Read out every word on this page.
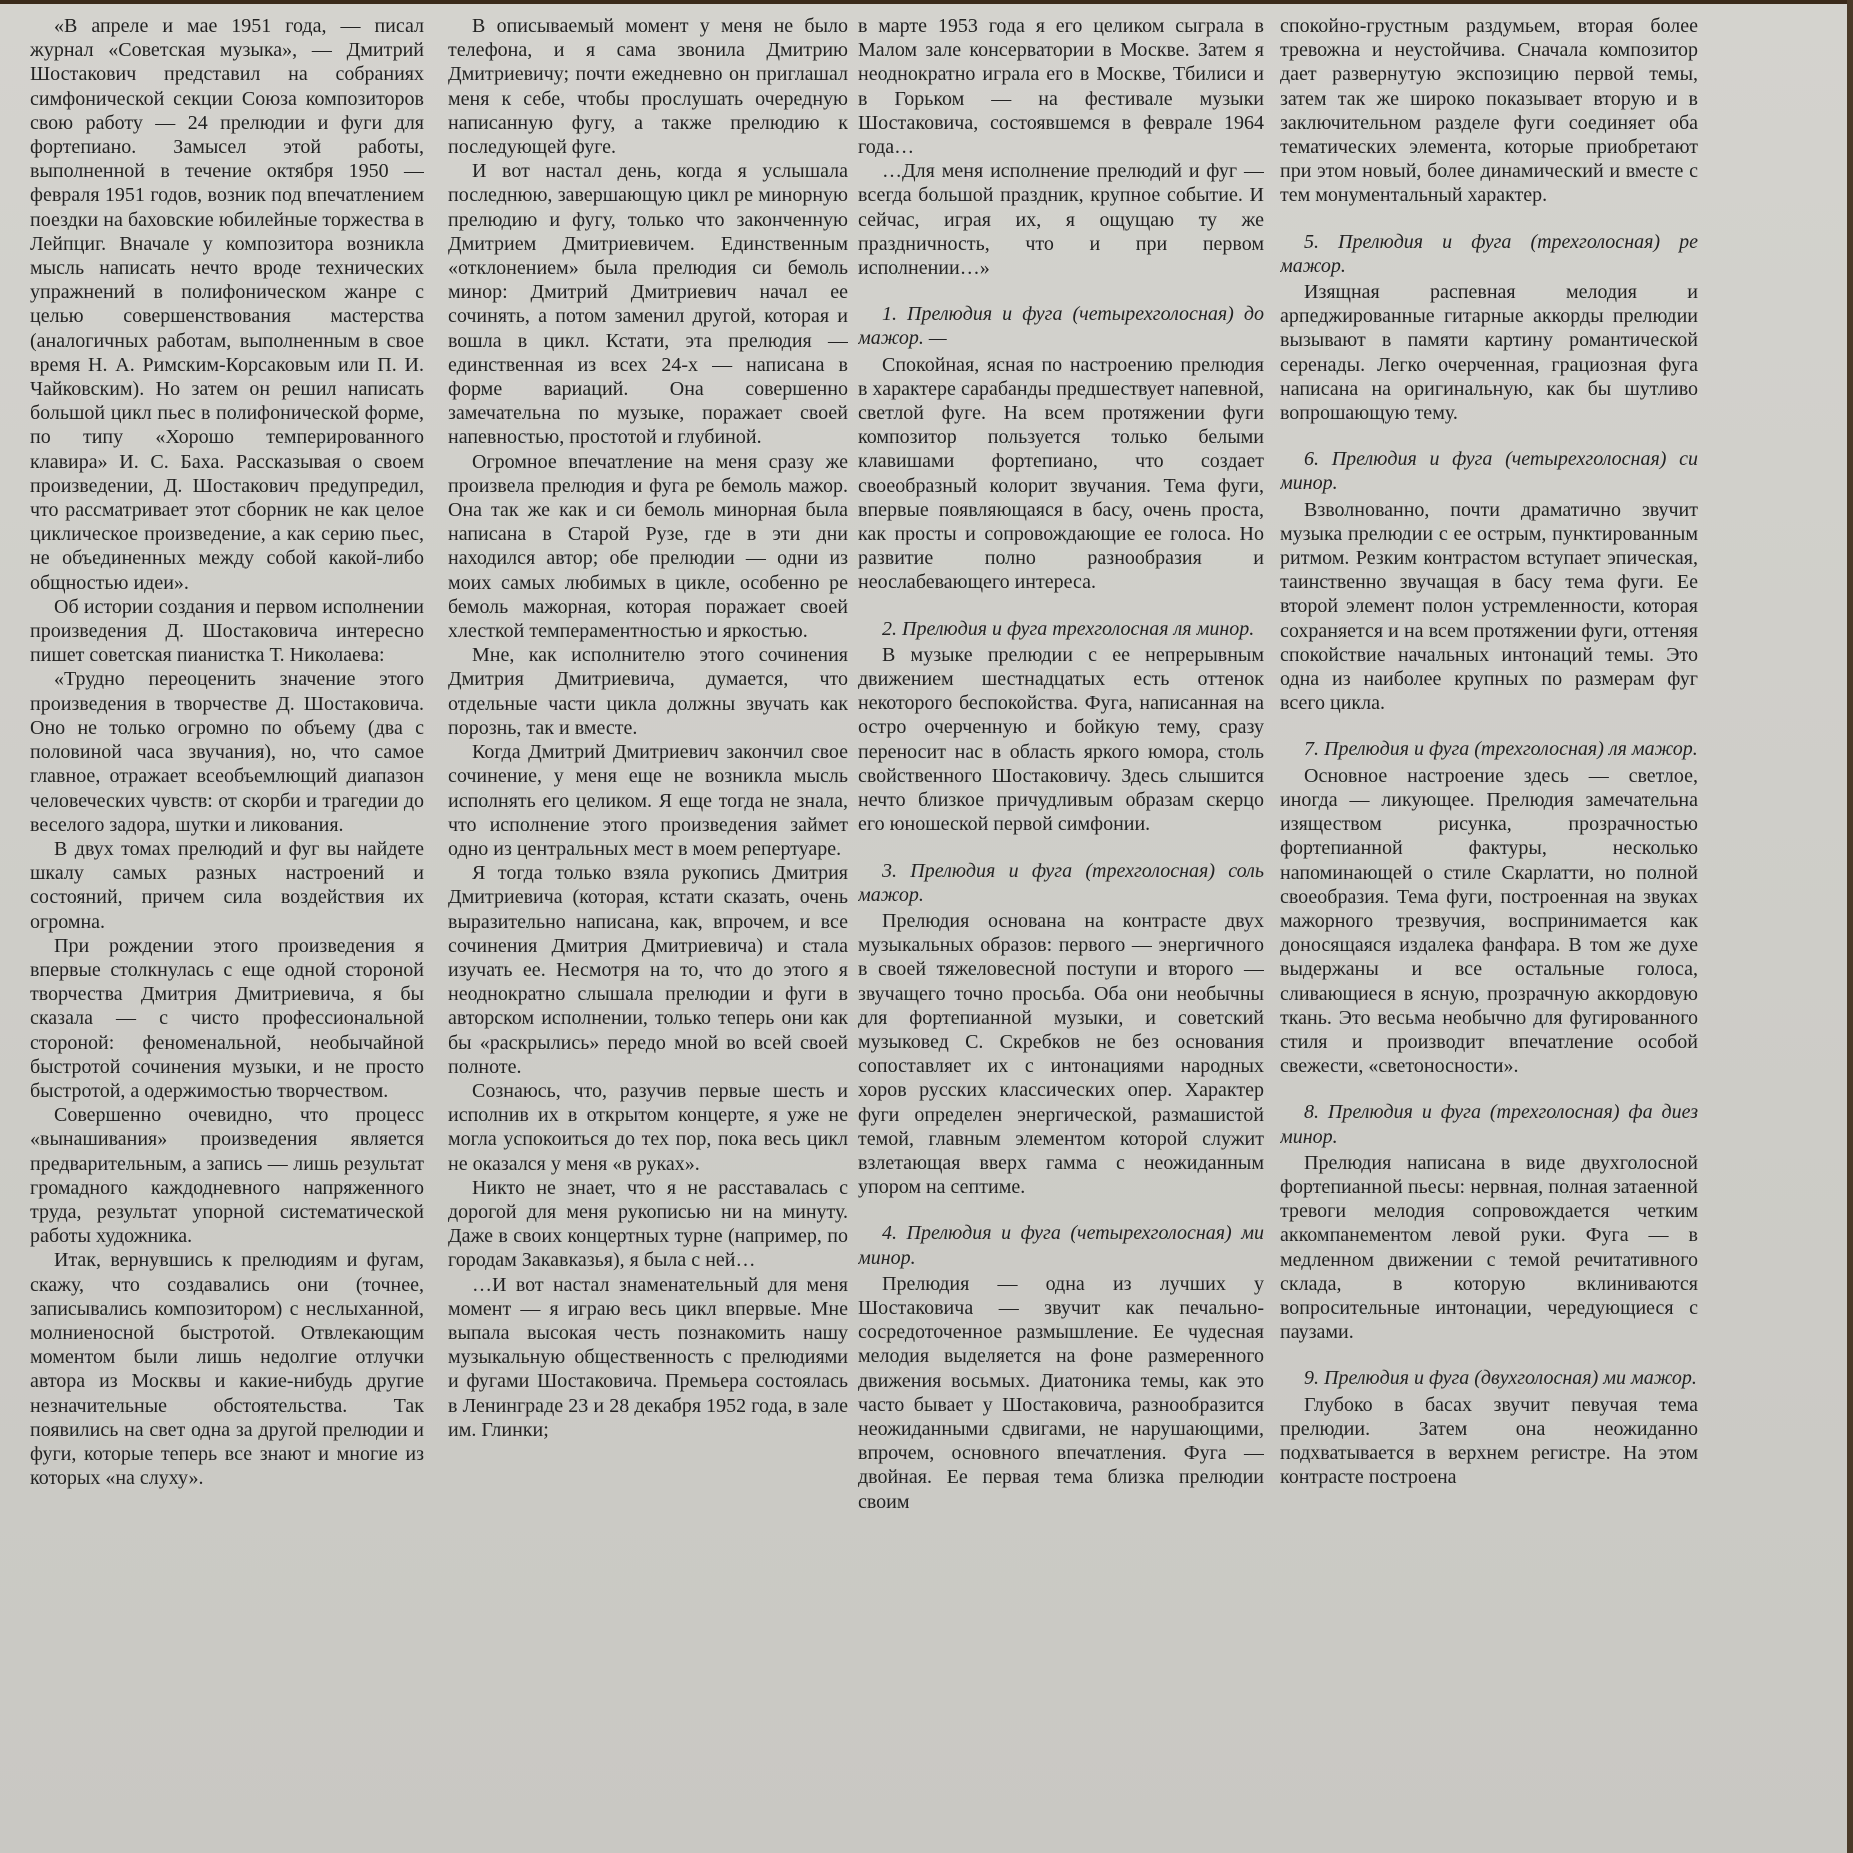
«В апреле и мае 1951 года, — писал журнал «Советская музыка», — Дмитрий Шостакович представил на собраниях симфонической секции Союза композиторов свою работу — 24 прелюдии и фуги для фортепиано. Замысел этой работы, выполненной в течение октября 1950 — февраля 1951 годов, возник под впечатлением поездки на баховские юбилейные торжества в Лейпциг. Вначале у композитора возникла мысль написать нечто вроде технических упражнений в полифоническом жанре с целью совершенствования мастерства (аналогичных работам, выполненным в свое время Н. А. Римским-Корсаковым или П. И. Чайковским). Но затем он решил написать большой цикл пьес в полифонической форме, по типу «Хорошо темперированного клавира» И. С. Баха. Рассказывая о своем произведении, Д. Шостакович предупредил, что рассматривает этот сборник не как целое циклическое произведение, а как серию пьес, не объединенных между собой какой-либо общностью идеи».

Об истории создания и первом исполнении произведения Д. Шостаковича интересно пишет советская пианистка Т. Николаева:

«Трудно переоценить значение этого произведения в творчестве Д. Шостаковича. Оно не только огромно по объему (два с половиной часа звучания), но, что самое главное, отражает всеобъемлющий диапазон человеческих чувств: от скорби и трагедии до веселого задора, шутки и ликования.

В двух томах прелюдий и фуг вы найдете шкалу самых разных настроений и состояний, причем сила воздействия их огромна.

При рождении этого произведения я впервые столкнулась с еще одной стороной творчества Дмитрия Дмитриевича, я бы сказала — с чисто профессиональной стороной: феноменальной, необычайной быстротой сочинения музыки, и не просто быстротой, а одержимостью творчеством.

Совершенно очевидно, что процесс «вынашивания» произведения является предварительным, а запись — лишь результат громадного каждодневного напряженного труда, результат упорной систематической работы художника.

Итак, вернувшись к прелюдиям и фугам, скажу, что создавались они (точнее, записывались композитором) с неслыханной, молниеносной быстротой. Отвлекающим моментом были лишь недолгие отлучки автора из Москвы и какие-нибудь другие незначительные обстоятельства. Так появились на свет одна за другой прелюдии и фуги, которые теперь все знают и многие из которых «на слуху».

В описываемый момент у меня не было телефона, и я сама звонила Дмитрию Дмитриевичу; почти ежедневно он приглашал меня к себе, чтобы прослушать очередную написанную фугу, а также прелюдию к последующей фуге.

И вот настал день, когда я услышала последнюю, завершающую цикл ре минорную прелюдию и фугу, только что законченную Дмитрием Дмитриевичем. Единственным «отклонением» была прелюдия си бемоль минор: Дмитрий Дмитриевич начал ее сочинять, а потом заменил другой, которая и вошла в цикл. Кстати, эта прелюдия — единственная из всех 24-х — написана в форме вариаций. Она совершенно замечательна по музыке, поражает своей напевностью, простотой и глубиной.

Огромное впечатление на меня сразу же произвела прелюдия и фуга ре бемоль мажор. Она так же как и си бемоль минорная была написана в Старой Рузе, где в эти дни находился автор; обе прелюдии — одни из моих самых любимых в цикле, особенно ре бемоль мажорная, которая поражает своей хлесткой темпераментностью и яркостью.

Мне, как исполнителю этого сочинения Дмитрия Дмитриевича, думается, что отдельные части цикла должны звучать как порознь, так и вместе.

Когда Дмитрий Дмитриевич закончил свое сочинение, у меня еще не возникла мысль исполнять его целиком. Я еще тогда не знала, что исполнение этого произведения займет одно из центральных мест в моем репертуаре.

Я тогда только взяла рукопись Дмитрия Дмитриевича (которая, кстати сказать, очень выразительно написана, как, впрочем, и все сочинения Дмитрия Дмитриевича) и стала изучать ее. Несмотря на то, что до этого я неоднократно слышала прелюдии и фуги в авторском исполнении, только теперь они как бы «раскрылись» передо мной во всей своей полноте.

Сознаюсь, что, разучив первые шесть и исполнив их в открытом концерте, я уже не могла успокоиться до тех пор, пока весь цикл не оказался у меня «в руках».

Никто не знает, что я не расставалась с дорогой для меня рукописью ни на минуту. Даже в своих концертных турне (например, по городам Закавказья), я была с ней…

…И вот настал знаменательный для меня момент — я играю весь цикл впервые. Мне выпала высокая честь познакомить нашу музыкальную общественность с прелюдиями и фугами Шостаковича. Премьера состоялась в Ленинграде 23 и 28 декабря 1952 года, в зале им. Глинки;

в марте 1953 года я его целиком сыграла в Малом зале консерватории в Москве. Затем я неоднократно играла его в Москве, Тбилиси и в Горьком — на фестивале музыки Шостаковича, состоявшемся в феврале 1964 года…

…Для меня исполнение прелюдий и фуг — всегда большой праздник, крупное событие. И сейчас, играя их, я ощущаю ту же праздничность, что и при первом исполнении…»

1. Прелюдия и фуга (четырехголосная) до мажор. —

Спокойная, ясная по настроению прелюдия в характере сарабанды предшествует напевной, светлой фуге. На всем протяжении фуги композитор пользуется только белыми клавишами фортепиано, что создает своеобразный колорит звучания. Тема фуги, впервые появляющаяся в басу, очень проста, как просты и сопровождающие ее голоса. Но развитие полно разнообразия и неослабевающего интереса.

2. Прелюдия и фуга трехголосная ля минор.

В музыке прелюдии с ее непрерывным движением шестнадцатых есть оттенок некоторого беспокойства. Фуга, написанная на остро очерченную и бойкую тему, сразу переносит нас в область яркого юмора, столь свойственного Шостаковичу. Здесь слышится нечто близкое причудливым образам скерцо его юношеской первой симфонии.

3. Прелюдия и фуга (трехголосная) соль мажор.

Прелюдия основана на контрасте двух музыкальных образов: первого — энергичного в своей тяжеловесной поступи и второго — звучащего точно просьба. Оба они необычны для фортепианной музыки, и советский музыковед С. Скребков не без основания сопоставляет их с интонациями народных хоров русских классических опер. Характер фуги определен энергической, размашистой темой, главным элементом которой служит взлетающая вверх гамма с неожиданным упором на септиме.

4. Прелюдия и фуга (четырехголосная) ми минор.

Прелюдия — одна из лучших у Шостаковича — звучит как печально-сосредоточенное размышление. Ее чудесная мелодия выделяется на фоне размеренного движения восьмых. Диатоника темы, как это часто бывает у Шостаковича, разнообразится неожиданными сдвигами, не нарушающими, впрочем, основного впечатления. Фуга — двойная. Ее первая тема близка прелюдии своим

спокойно-грустным раздумьем, вторая более тревожна и неустойчива. Сначала композитор дает развернутую экспозицию первой темы, затем так же широко показывает вторую и в заключительном разделе фуги соединяет оба тематических элемента, которые приобретают при этом новый, более динамический и вместе с тем монументальный характер.

5. Прелюдия и фуга (трехголосная) ре мажор.

Изящная распевная мелодия и арпеджированные гитарные аккорды прелюдии вызывают в памяти картину романтической серенады. Легко очерченная, грациозная фуга написана на оригинальную, как бы шутливо вопрошающую тему.

6. Прелюдия и фуга (четырехголосная) си минор.

Взволнованно, почти драматично звучит музыка прелюдии с ее острым, пунктированным ритмом. Резким контрастом вступает эпическая, таинственно звучащая в басу тема фуги. Ее второй элемент полон устремленности, которая сохраняется и на всем протяжении фуги, оттеняя спокойствие начальных интонаций темы. Это одна из наиболее крупных по размерам фуг всего цикла.

7. Прелюдия и фуга (трехголосная) ля мажор.

Основное настроение здесь — светлое, иногда — ликующее. Прелюдия замечательна изяществом рисунка, прозрачностью фортепианной фактуры, несколько напоминающей о стиле Скарлатти, но полной своеобразия. Тема фуги, построенная на звуках мажорного трезвучия, воспринимается как доносящаяся издалека фанфара. В том же духе выдержаны и все остальные голоса, сливающиеся в ясную, прозрачную аккордовую ткань. Это весьма необычно для фугированного стиля и производит впечатление особой свежести, «светоносности».

8. Прелюдия и фуга (трехголосная) фа диез минор.

Прелюдия написана в виде двухголосной фортепианной пьесы: нервная, полная затаенной тревоги мелодия сопровождается четким аккомпанементом левой руки. Фуга — в медленном движении с темой речитативного склада, в которую вклиниваются вопросительные интонации, чередующиеся с паузами.

9. Прелюдия и фуга (двухголосная) ми мажор.

Глубоко в басах звучит певучая тема прелюдии. Затем она неожиданно подхватывается в верхнем регистре. На этом контрасте построена
